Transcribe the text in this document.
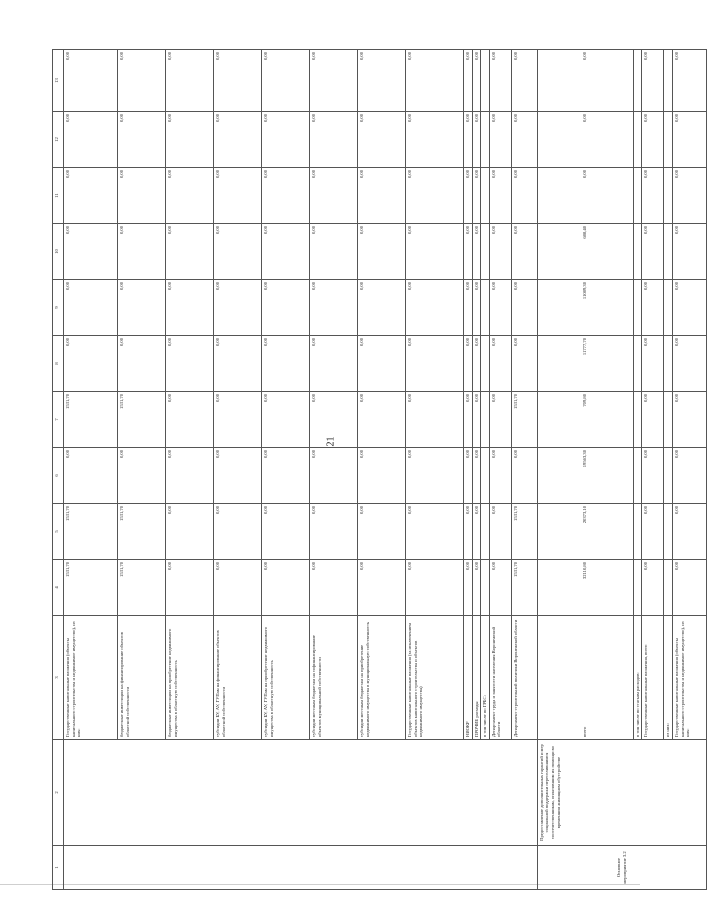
21
1	2	3	4	5	6	7	8	9	10	11	12	13
		Государственные капитальные вложения (объекты капитального строительства и недвижимое имущество), из них:	1531,70	1531,70	0,00	1531,70	0,00	0,00	0,00	0,00	0,00	0,00
		бюджетные инвестиции на финансирование объектов областной собственности	1531,70	1531,70	0,00	1531,70	0,00	0,00	0,00	0,00	0,00	0,00
		бюджетные инвестиции на приобретение недвижимого имущества в областную собственность	0,00	0,00	0,00	0,00	0,00	0,00	0,00	0,00	0,00	0,00
		субсидии БУ, АУ, ГУПам на финансирование объектов областной собственности	0,00	0,00	0,00	0,00	0,00	0,00	0,00	0,00	0,00	0,00
		субсидии БУ, АУ, ГУПам на приобретение недвижимого имущества в областную собственность	0,00	0,00	0,00	0,00	0,00	0,00	0,00	0,00	0,00	0,00
		субсидии местным бюджетам на софинансирование объектов муниципальной собственности	0,00	0,00	0,00	0,00	0,00	0,00	0,00	0,00	0,00	0,00
		субсидии местным бюджетам на приобретение недвижимого имущества в муниципальную собственность	0,00	0,00	0,00	0,00	0,00	0,00	0,00	0,00	0,00	0,00
		Государственные капитальные вложения (за исключением объектов капитального строительства и объектов недвижимого имущества)	0,00	0,00	0,00	0,00	0,00	0,00	0,00	0,00	0,00	0,00
		НИОКР	0,00	0,00	0,00	0,00	0,00	0,00	0,00	0,00	0,00	0,00
		ПРОЧИЕ расходы	0,00	0,00	0,00	0,00	0,00	0,00	0,00	0,00	0,00	0,00
		в том числе по ГРБС:										
		Департамент труда и занятости населения Воронежской области	0,00	0,00	0,00	0,00	0,00	0,00	0,00	0,00	0,00	0,00
		Департамент строительной политики Воронежской области	1531,70	1531,70	0,00	1531,70	0,00	0,00	0,00	0,00	0,00	0,00
Основное мероприятие 3.2	Предоставление дополнительных гарантий и мер социальной поддержки переселившимся соотечественникам, оплатившим их помощи во временном жилищном обустройстве	всего	32110,80	20373,10	19563,30	709,80	11777,70	11089,30	688,40	0,00	0,00	0,00
		в том числе по статьям расходов:										
		Государственные капитальные вложения, всего	0,00	0,00	0,00	0,00	0,00	0,00	0,00	0,00	0,00	0,00
		из них:										
		Государственные капитальные вложения (объекты капитального строительства и недвижимое имущество), из них:	0,00	0,00	0,00	0,00	0,00	0,00	0,00	0,00	0,00	0,00
